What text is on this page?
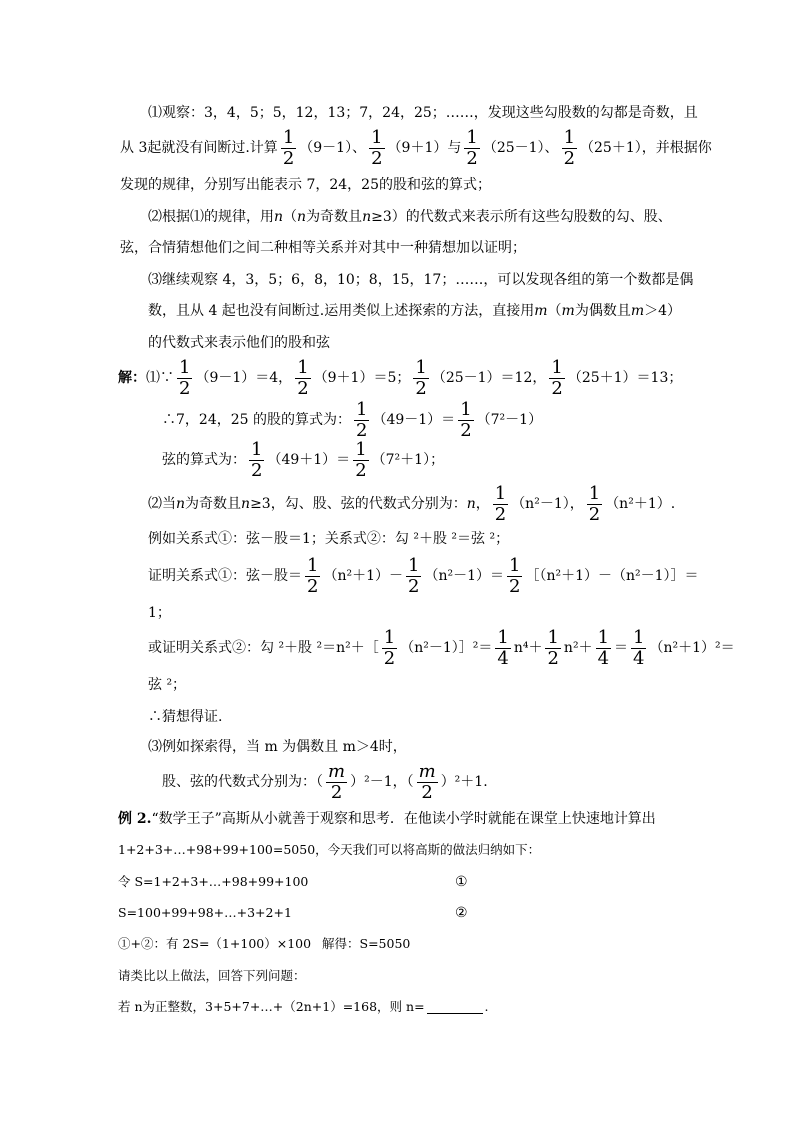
⑴观察：3，4，5；5，12，13；7，24，25；……，发现这些勾股数的勾都是奇数，且
从 3起就没有间断过.计算 $\frac{1}{2} (9-1)$、 $\frac{1}{2} (9+1)$与 $\frac{1}{2} (25-1)$、 $\frac{1}{2} (25+1)$，并根据你
发现的规律，分别写出能表示 7，24，25的股和弦的算式；
⑵根据⑴的规律，用 n （ n 为奇数且 n ≥3）的代数式来表示所有这些勾股数的勾、股、
弦，合情猜想他们之间二种相等关系并对其中一种猜想加以证明；
⑶继续观察 4，3，5；6，8，10；8，15，17；……，可以发现各组的第一个数都是偶
数，且从 4 起也没有间断过.运用类似上述探索的方法，直接用 m （ m 为偶数且 m ＞4）
的代数式来表示他们的股和弦
解： ⑴∵ $\frac{1}{2} (9-1)=4$， $\frac{1}{2} (9+1)=5$； $\frac{1}{2} (25-1)=12$， $\frac{1}{2} (25+1)=13$；
∴7，24，25 的股的算式为： $\frac{1}{2} (49-1)= \frac{1}{2} (7^2-1)$
弦的算式为： $\frac{1}{2} (49+1)= \frac{1}{2} (7^2+1)$；
⑵当 n 为奇数且 n ≥3，勾、股、弦的代数式分别为： n ， $\frac{1}{2} (n^2-1)$， $\frac{1}{2} (n^2+1)$.
例如关系式①：弦－股＝1；关系式②：勾 ²＋股 ²＝弦 ²；
证明关系式①：弦－股＝ $\frac{1}{2} (n^2+1)- \frac{1}{2} (n^2-1)= \frac{1}{2}$ ［（n²＋1）－（n²－1）］＝
1；
或证明关系式②：勾 ²＋股 ²＝n²＋［ $\frac{1}{2}$ （n²－1）］²＝ $\frac{1}{4} n^4+ \frac{1}{2} n^2+ \frac{1}{4} = \frac{1}{4} (n^2+1)^2=$
弦 ²；
∴猜想得证.
⑶例如探索得，当 m 为偶数且 m＞4时，
股、弦的代数式分别为：（ $\frac{m}{2} )^2-1$，（ $\frac{m}{2} )^2+1$.
例 2. “数学王子”高斯从小就善于观察和思考．在他读小学时就能在课堂上快速地计算出
1+2+3+…+98+99+100=5050，今天我们可以将高斯的做法归纳如下：
令 S=1+2+3+…+98+99+100	①
S=100+99+98+…+3+2+1	②
①+②：有 2S=（1+100）×100 解得：S=5050
请类比以上做法，回答下列问题：
若 n为正整数，3+5+7+…+（2n+1）=168，则 n=	.
